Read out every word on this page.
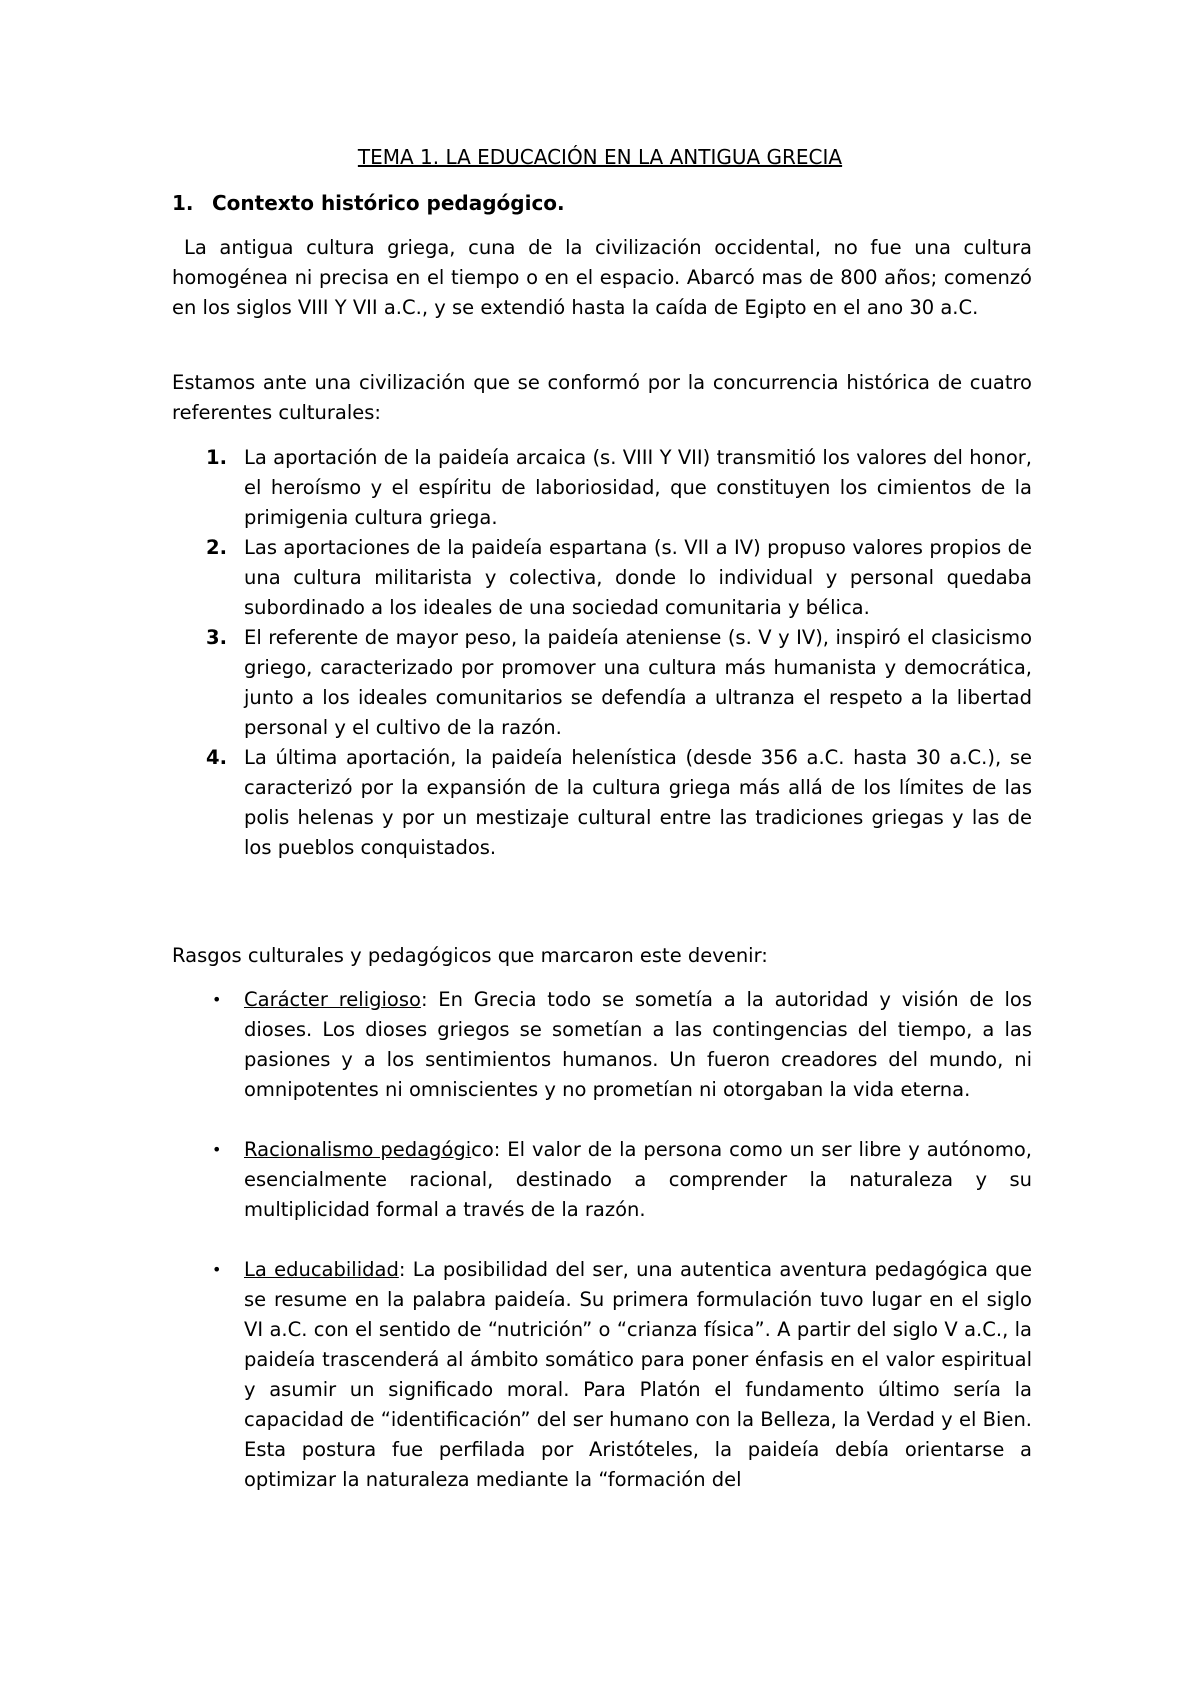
TEMA 1. LA EDUCACIÓN EN LA ANTIGUA GRECIA
1. Contexto histórico pedagógico.

La antigua cultura griega, cuna de la civilización occidental, no fue una cultura homogénea ni precisa en el tiempo o en el espacio. Abarcó mas de 800 años; comenzó en los siglos VIII Y VII a.C., y se extendió hasta la caída de Egipto en el ano 30 a.C.

Estamos ante una civilización que se conformó por la concurrencia histórica de cuatro referentes culturales:

1. La aportación de la paideía arcaica (s. VIII Y VII) transmitió los valores del honor, el heroísmo y el espíritu de laboriosidad, que constituyen los cimientos de la primigenia cultura griega.
2. Las aportaciones de la paideía espartana (s. VII a IV) propuso valores propios de una cultura militarista y colectiva, donde lo individual y personal quedaba subordinado a los ideales de una sociedad comunitaria y bélica.
3. El referente de mayor peso, la paideía ateniense (s. V y IV), inspiró el clasicismo griego, caracterizado por promover una cultura más humanista y democrática, junto a los ideales comunitarios se defendía a ultranza el respeto a la libertad personal y el cultivo de la razón.
4. La última aportación, la paideía helenística (desde 356 a.C. hasta 30 a.C.), se caracterizó por la expansión de la cultura griega más allá de los límites de las polis helenas y por un mestizaje cultural entre las tradiciones griegas y las de los pueblos conquistados.

Rasgos culturales y pedagógicos que marcaron este devenir:

• Carácter religioso: En Grecia todo se sometía a la autoridad y visión de los dioses. Los dioses griegos se sometían a las contingencias del tiempo, a las pasiones y a los sentimientos humanos. Un fueron creadores del mundo, ni omnipotentes ni omniscientes y no prometían ni otorgaban la vida eterna.
• Racionalismo pedagógico: El valor de la persona como un ser libre y autónomo, esencialmente racional, destinado a comprender la naturaleza y su multiplicidad formal a través de la razón.
• La educabilidad: La posibilidad del ser, una autentica aventura pedagógica que se resume en la palabra paideía. Su primera formulación tuvo lugar en el siglo VI a.C. con el sentido de “nutrición” o “crianza física”. A partir del siglo V a.C., la paideía trascenderá al ámbito somático para poner énfasis en el valor espiritual y asumir un significado moral. Para Platón el fundamento último sería la capacidad de “identificación” del ser humano con la Belleza, la Verdad y el Bien. Esta postura fue perfilada por Aristóteles, la paideía debía orientarse a optimizar la naturaleza mediante la “formación del
